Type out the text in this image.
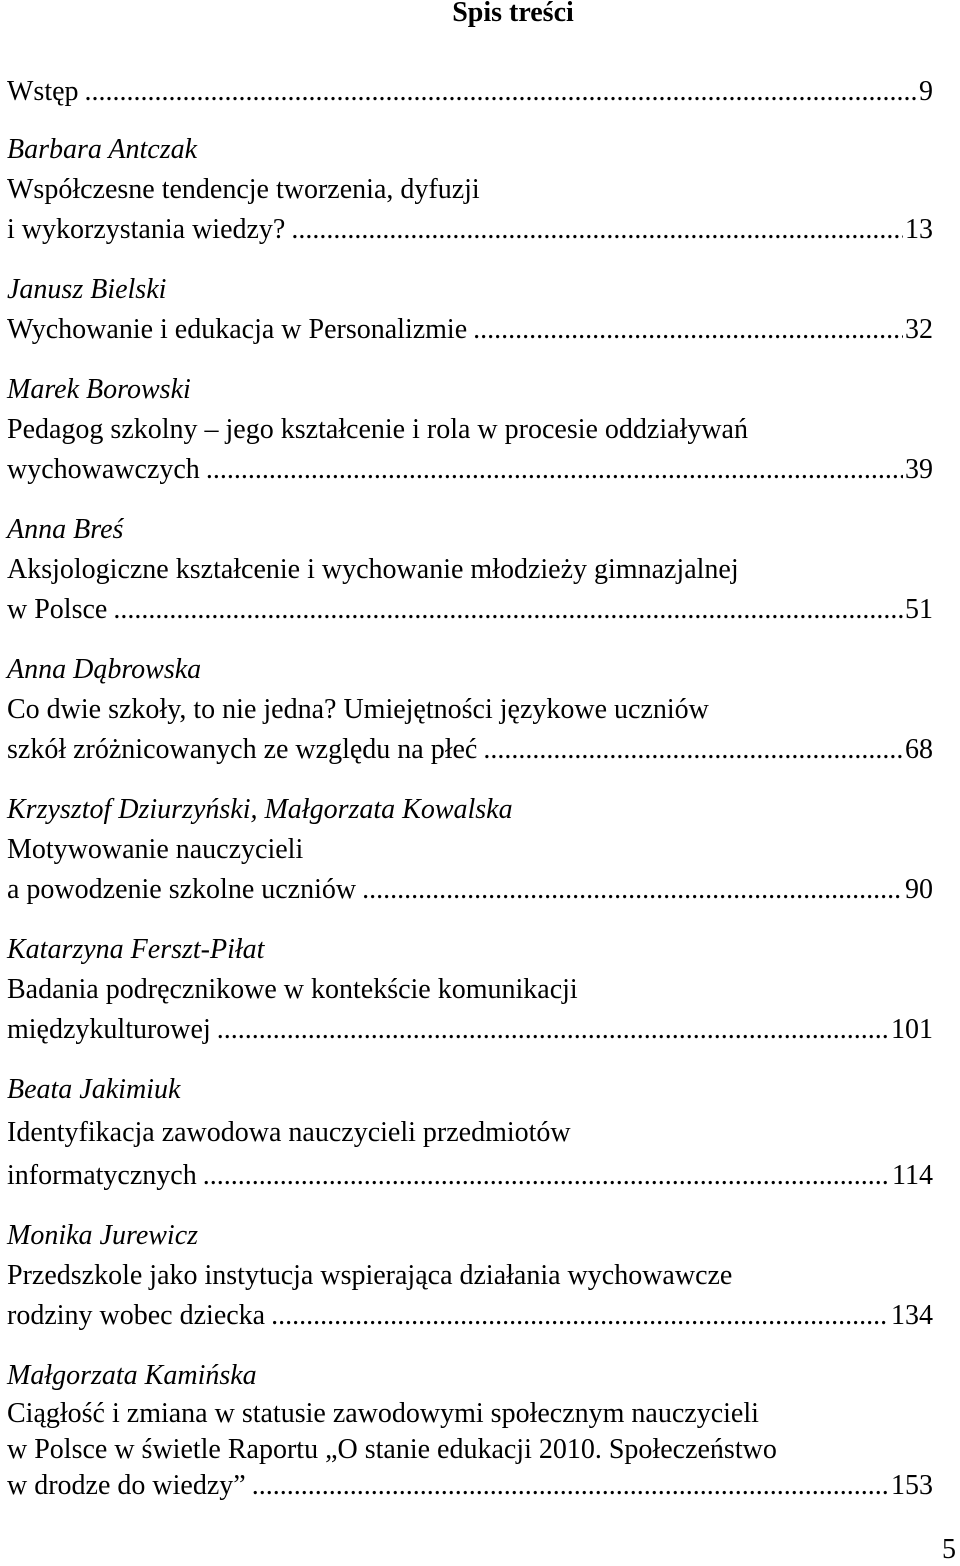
Spis treści
Wstęp .....	9
Barbara Antczak
Współczesne tendencje tworzenia, dyfuzji
i wykorzystania wiedzy? .....	13
Janusz Bielski
Wychowanie i edukacja w Personalizmie .....	32
Marek Borowski
Pedagog szkolny – jego kształcenie i rola w procesie oddziaływań
wychowawczych .....	39
Anna Breś
Aksjologiczne kształcenie i wychowanie młodzieży gimnazjalnej
w Polsce .....	51
Anna Dąbrowska
Co dwie szkoły, to nie jedna? Umiejętności językowe uczniów
szkół zróżnicowanych ze względu na płeć .....	68
Krzysztof Dziurzyński, Małgorzata Kowalska
Motywowanie nauczycieli
a powodzenie szkolne uczniów .....	90
Katarzyna Ferszt-Piłat
Badania podręcznikowe w kontekście komunikacji
międzykulturowej .....	101
Beata Jakimiuk
Identyfikacja zawodowa nauczycieli przedmiotów
informatycznych .....	114
Monika Jurewicz
Przedszkole jako instytucja wspierająca działania wychowawcze
rodziny wobec dziecka .....	134
Małgorzata Kamińska
Ciągłość i zmiana w statusie zawodowymi społecznym nauczycieli
w Polsce w świetle Raportu „O stanie edukacji 2010. Społeczeństwo
w drodze do wiedzy” .....	153
5
